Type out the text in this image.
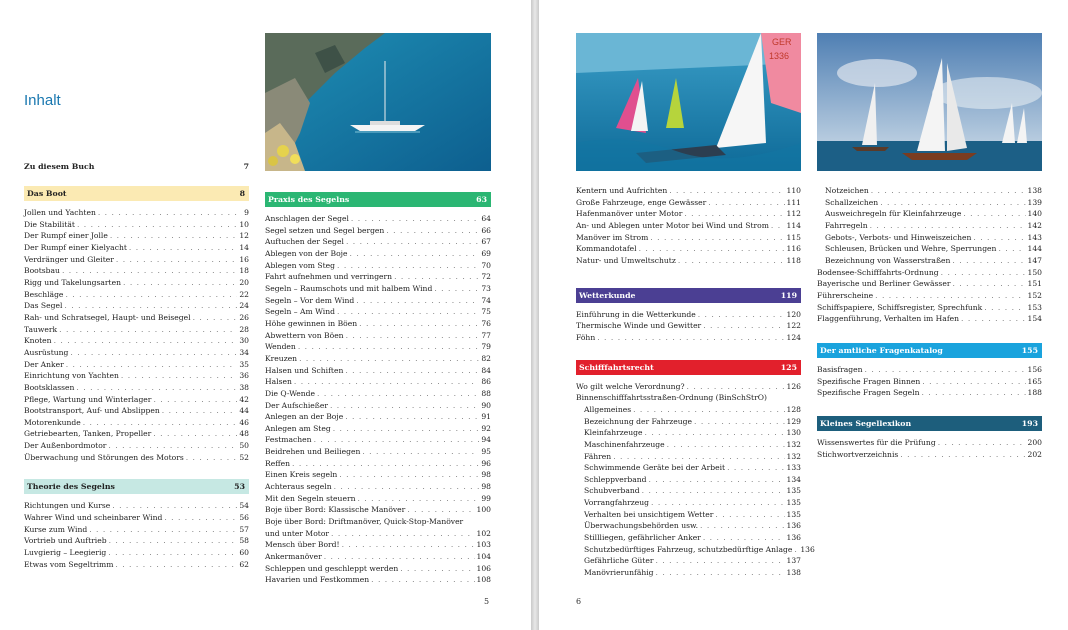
Inhalt
Zu diesem Buch	7
Das Boot	8
Jollen und Yachten . . .	9
Die Stabilität . . .	10
Der Rumpf einer Jolle . . .	12
Der Rumpf einer Kielyacht . . .	14
Verdränger und Gleiter . . .	16
Bootsbau . . .	18
Rigg und Takelungsarten . . .	20
Beschläge . . .	22
Das Segel . . .	24
Rah- und Schratsegel, Haupt- und Beisegel . . .	26
Tauwerk . . .	28
Knoten . . .	30
Ausrüstung . . .	34
Der Anker . . .	35
Einrichtung von Yachten . . .	36
Bootsklassen . . .	38
Pflege, Wartung und Winterlager . . .	42
Bootstransport, Auf- und Abslippen . . .	44
Motorenkunde . . .	46
Getriebearten, Tanken, Propeller . . .	48
Der Außenbordmotor . . .	50
Überwachung und Störungen des Motors . . .	52
Theorie des Segelns	53
Richtungen und Kurse . . .	54
Wahrer Wind und scheinbarer Wind . . .	56
Kurse zum Wind . . .	57
Vortrieb und Auftrieb . . .	58
Luvgierig – Leegierig . . .	60
Etwas vom Segeltrimm . . .	62
Praxis des Segelns	63
Anschlagen der Segel . . .	64
Segel setzen und Segel bergen . . .	66
Auftuchen der Segel . . .	67
Ablegen von der Boje . . .	69
Ablegen vom Steg . . .	70
Fahrt aufnehmen und verringern . . .	72
Segeln – Raumschots und mit halbem Wind . . .	73
Segeln – Vor dem Wind . . .	74
Segeln – Am Wind . . .	75
Höhe gewinnen in Böen . . .	76
Abwettern von Böen . . .	77
Wenden . . .	79
Kreuzen . . .	82
Halsen und Schiften . . .	84
Halsen . . .	86
Die Q-Wende . . .	88
Der Aufschießer . . .	90
Anlegen an der Boje . . .	91
Anlegen am Steg . . .	92
Festmachen . . .	94
Beidrehen und Beiliegen . . .	95
Reffen . . .	96
Einen Kreis segeln . . .	98
Achteraus segeln . . .	98
Mit den Segeln steuern . . .	99
Boje über Bord: Klassische Manöver . . .	100
Boje über Bord: Driftmanöver, Quick-Stop-Manöver
und unter Motor . . .	102
Mensch über Bord! . . .	103
Ankermanöver . . .	104
Schleppen und geschleppt werden . . .	106
Havarien und Festkommen . . .	108
5
GER
1336
Kentern und Aufrichten . . .	110
Große Fahrzeuge, enge Gewässer . . .	111
Hafenmanöver unter Motor . . .	112
An- und Ablegen unter Motor bei Wind und Strom . . . 114
Manöver im Strom . . .	115
Kommandotafel . . .	116
Natur- und Umweltschutz . . .	118
Wetterkunde	119
Einführung in die Wetterkunde . . .	120
Thermische Winde und Gewitter . . .	122
Föhn . . .	124
Schifffahrtsrecht	125
Wo gilt welche Verordnung? . . .	126
Binnenschifffahrtsstraßen-Ordnung (BinSchStrO)
Allgemeines . . .	128
Bezeichnung der Fahrzeuge . . .	129
Kleinfahrzeuge . . .	130
Maschinenfahrzeuge . . .	132
Fähren . . .	132
Schwimmende Geräte bei der Arbeit . . .	133
Schleppverband . . .	134
Schubverband . . .	135
Vorrangfahrzeug . . .	135
Verhalten bei unsichtigem Wetter . . .	135
Überwachungsbehörden usw. . . .	136
Stillliegen, gefährlicher Anker . . .	136
Schutzbedürftiges Fahrzeug, schutzbedürftige Anlage . . . 136
Gefährliche Güter . . .	137
Manövrierunfähig . . .	138
Notzeichen . . .	138
Schallzeichen . . .	139
Ausweichregeln für Kleinfahrzeuge . . .	140
Fahrregeln . . .	142
Gebots-, Verbots- und Hinweiszeichen . . .	143
Schleusen, Brücken und Wehre, Sperrungen . . .	144
Bezeichnung von Wasserstraßen . . .	147
Bodensee-Schifffahrts-Ordnung . . .	150
Bayerische und Berliner Gewässer . . .	151
Führerscheine . . .	152
Schiffspapiere, Schiffsregister, Sprechfunk . . .	153
Flaggenführung, Verhalten im Hafen . . .	154
Der amtliche Fragenkatalog	155
Basisfragen . . .	156
Spezifische Fragen Binnen . . .	165
Spezifische Fragen Segeln . . .	188
Kleines Segellexikon	193
Wissenswertes für die Prüfung . . .	200
Stichwortverzeichnis . . .	202
6
